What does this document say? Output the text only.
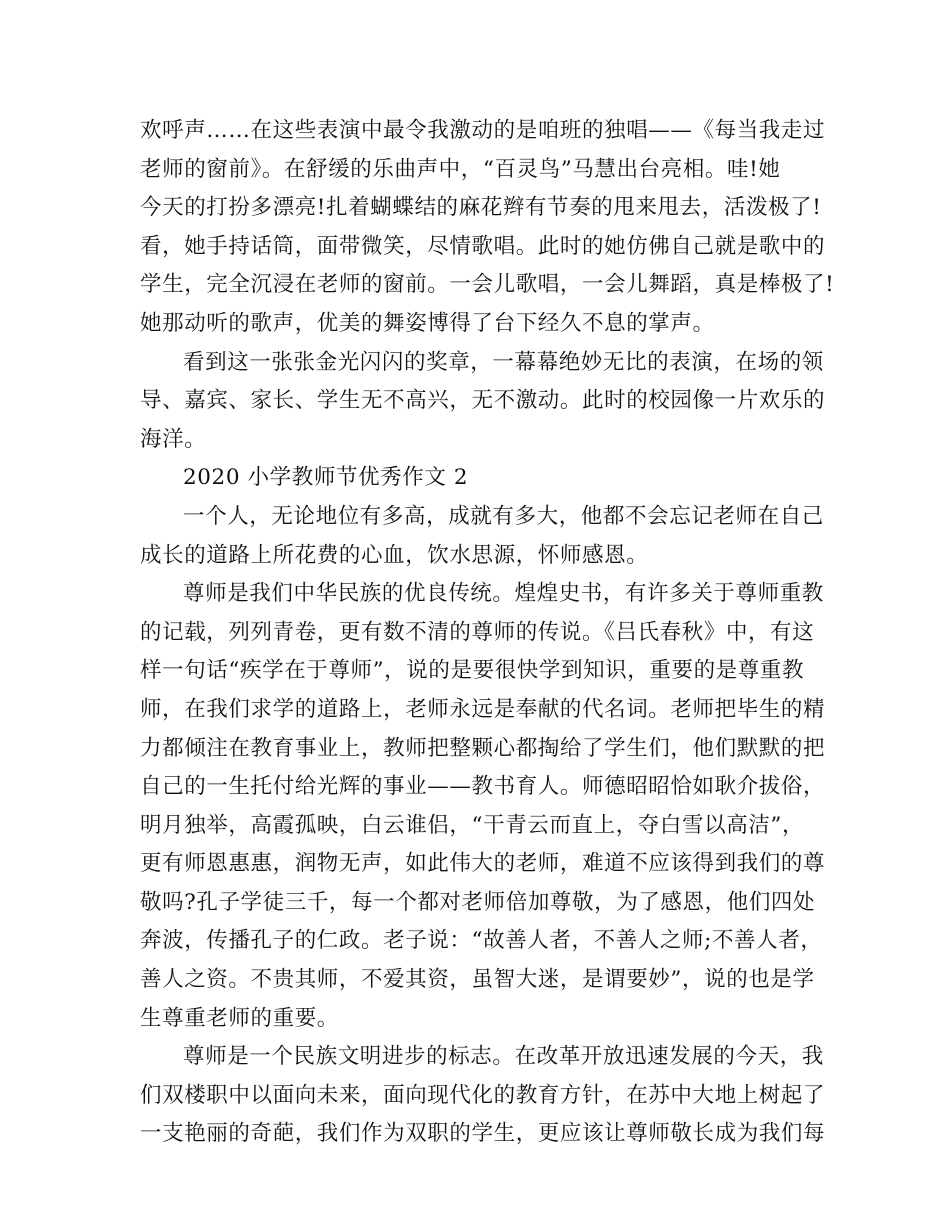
欢呼声……在这些表演中最令我激动的是咱班的独唱——《每当我走过
老师的窗前》。在舒缓的乐曲声中，“百灵鸟”马慧出台亮相。哇!她
今天的打扮多漂亮!扎着蝴蝶结的麻花辫有节奏的甩来甩去，活泼极了!
看，她手持话筒，面带微笑，尽情歌唱。此时的她仿佛自己就是歌中的
学生，完全沉浸在老师的窗前。一会儿歌唱，一会儿舞蹈，真是棒极了!
她那动听的歌声，优美的舞姿博得了台下经久不息的掌声。
看到这一张张金光闪闪的奖章，一幕幕绝妙无比的表演，在场的领
导、嘉宾、家长、学生无不高兴，无不激动。此时的校园像一片欢乐的
海洋。
2020 小学教师节优秀作文 2
一个人，无论地位有多高，成就有多大，他都不会忘记老师在自己
成长的道路上所花费的心血，饮水思源，怀师感恩。
尊师是我们中华民族的优良传统。煌煌史书，有许多关于尊师重教
的记载，列列青卷，更有数不清的尊师的传说。《吕氏春秋》中，有这
样一句话“疾学在于尊师”，说的是要很快学到知识，重要的是尊重教
师，在我们求学的道路上，老师永远是奉献的代名词。老师把毕生的精
力都倾注在教育事业上，教师把整颗心都掏给了学生们，他们默默的把
自己的一生托付给光辉的事业——教书育人。师德昭昭恰如耿介拔俗，
明月独举，高霞孤映，白云谁侣，“干青云而直上，夺白雪以高洁”，
更有师恩惠惠，润物无声，如此伟大的老师，难道不应该得到我们的尊
敬吗?孔子学徒三千，每一个都对老师倍加尊敬，为了感恩，他们四处
奔波，传播孔子的仁政。老子说：“故善人者，不善人之师;不善人者，
善人之资。不贵其师，不爱其资，虽智大迷，是谓要妙”，说的也是学
生尊重老师的重要。
尊师是一个民族文明进步的标志。在改革开放迅速发展的今天，我
们双楼职中以面向未来，面向现代化的教育方针，在苏中大地上树起了
一支艳丽的奇葩，我们作为双职的学生，更应该让尊师敬长成为我们每
